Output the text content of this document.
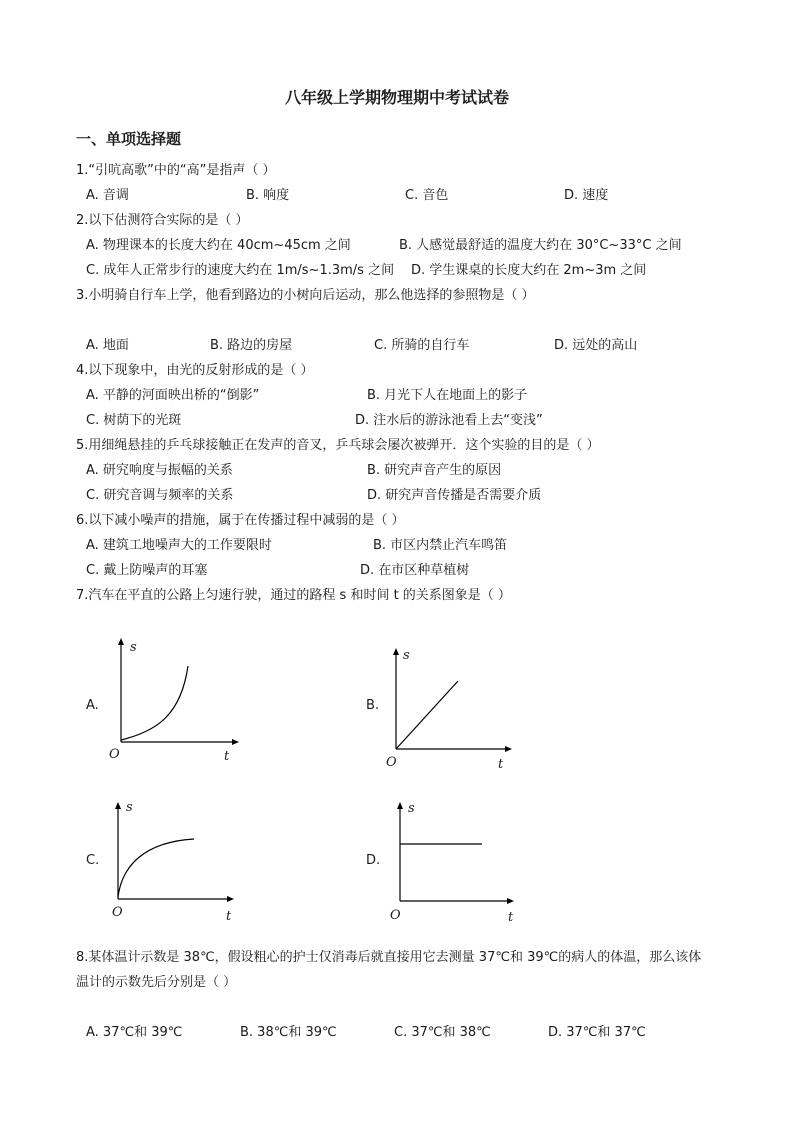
八年级上学期物理期中考试试卷
一、单项选择题
1.“引吭高歌”中的“高”是指声（ ）
A. 音调	B. 响度	C. 音色	D. 速度
2.以下估测符合实际的是（ ）
A. 物理课本的长度大约在 40cm~45cm 之间	B. 人感觉最舒适的温度大约在 30°C~33°C 之间
C. 成年人正常步行的速度大约在 1m/s~1.3m/s 之间 D. 学生课桌的长度大约在 2m~3m 之间
3.小明骑自行车上学，他看到路边的小树向后运动，那么他选择的参照物是（ ）
A. 地面	B. 路边的房屋	C. 所骑的自行车	D. 远处的高山
4.以下现象中，由光的反射形成的是（ ）
A. 平静的河面映出桥的“倒影”	B. 月光下人在地面上的影子
C. 树荫下的光斑	D. 注水后的游泳池看上去“变浅”
5.用细绳悬挂的乒乓球接触正在发声的音叉，乒乓球会屡次被弹开．这个实验的目的是（ ）
A. 研究响度与振幅的关系	B. 研究声音产生的原因
C. 研究音调与频率的关系	D. 研究声音传播是否需要介质
6.以下减小噪声的措施，属于在传播过程中减弱的是（ ）
A. 建筑工地噪声大的工作要限时	B. 市区内禁止汽车鸣笛
C. 戴上防噪声的耳塞	D. 在市区种草植树
7.汽车在平直的公路上匀速行驶，通过的路程 s 和时间 t 的关系图象是（ ）
A.
s
t
O
B.
s
t
O
C.
s
t
O
D.
s
t
O
8.某体温计示数是 38℃，假设粗心的护士仅消毒后就直接用它去测量 37℃和 39℃的病人的体温，那么该体
温计的示数先后分别是（ ）
A. 37℃和 39℃	B. 38℃和 39℃	C. 37℃和 38℃	D. 37℃和 37℃
